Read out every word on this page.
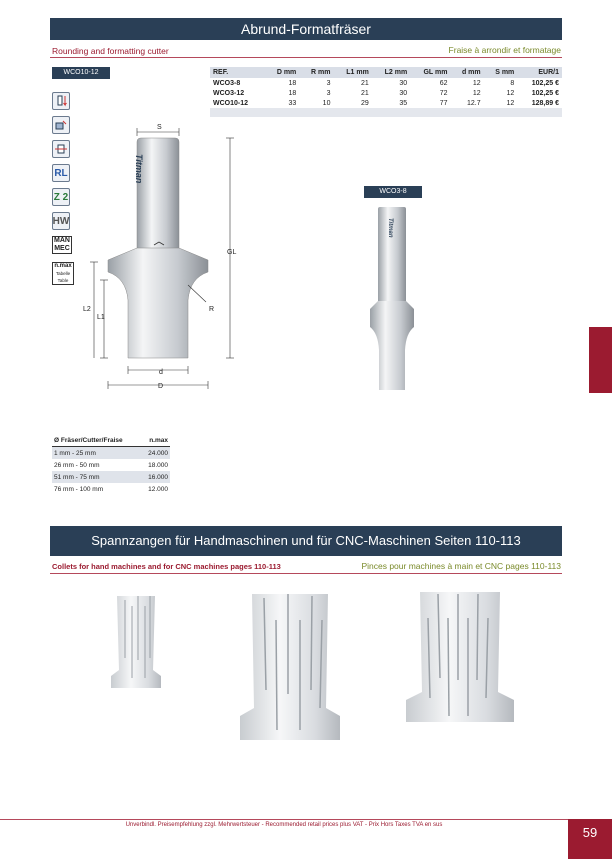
Abrund-Formatfräser
Rounding and formatting cutter	Fraise à arrondir et formatage
WCO10-12	REF.	D mm	R mm	L1 mm	L2 mm	GL mm	d mm	S mm	EUR/1
WCO3-8	18	3	21	30	62	12	8	102,25 €
WCO3-12	18	3	21	30	72	12	12	102,25 €
WCO10-12	33	10	29	35	77	12.7	12	128,89 €

RL
Z 2
HW
MAN
MEC
n.max
Tabelle
Table
Titman
S
GL
L2
L1
R
d
D
WCO3-8
Titman
Ø Fräser/Cutter/Fraise	n.max
1 mm - 25 mm	24.000
26 mm - 50 mm	18.000
51 mm - 75 mm	16.000
76 mm - 100 mm	12.000
Spannzangen für Handmaschinen und für CNC-Maschinen Seiten 110-113
Collets for hand machines and for CNC machines pages 110-113	Pinces pour machines à main et CNC pages 110-113
Unverbindl. Preisempfehlung zzgl. Mehrwertsteuer - Recommended retail prices plus VAT - Prix Hors Taxes TVA en sus	59
